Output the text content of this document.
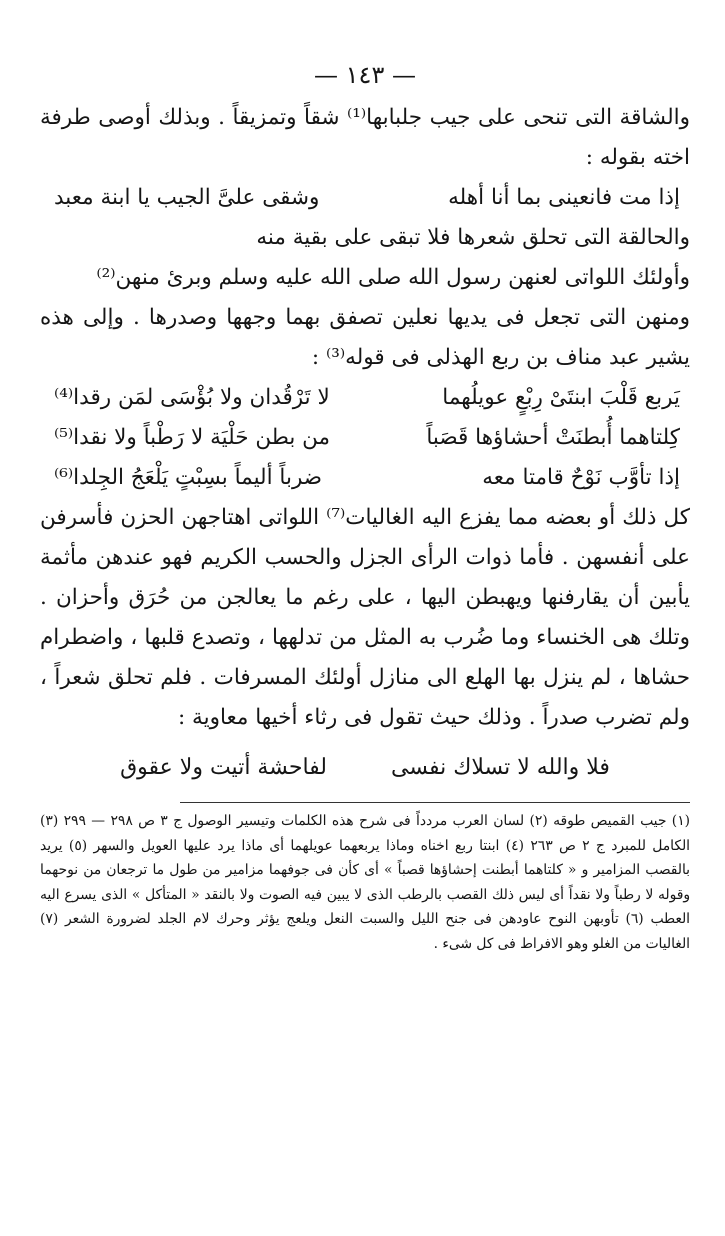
— ١٤٣ —
والشاقة التى تنحى على جيب جلبابها⁽¹⁾ شقاً وتمزيقاً . وبذلك أوصى طرفة اخته بقوله :
إذا مت فانعينى بما أنا أهله
وشقى علىَّ الجيب يا ابنة معبد
والحالقة التى تحلق شعرها فلا تبقى على بقية منه
وأولئك اللواتى لعنهن رسول الله صلى الله عليه وسلم وبرئ منهن⁽²⁾
ومنهن التى تجعل فى يديها نعلين تصفق بهما وجهها وصدرها . وإلى هذه يشير عبد مناف بن ربع الهذلى فى قوله⁽³⁾ :
يَربع قَلْبَ ابنتَىْ رِبْعٍ عويلُهما
لا تَرْقُدان ولا بُؤْسَى لمَن رقدا⁽⁴⁾
كِلتاهما أُبطنَتْ أحشاؤها قَصَباً
من بطن حَلْيَة لا رَطْباً ولا نقدا⁽⁵⁾
إذا تأوَّب نَوْحٌ قامتا معه
ضرباً أليماً بسِبْتٍ يَلْعَجُ الجِلدا⁽⁶⁾
كل ذلك أو بعضه مما يفزع اليه الغاليات⁽⁷⁾ اللواتى اهتاجهن الحزن فأسرفن على أنفسهن . فأما ذوات الرأى الجزل والحسب الكريم فهو عندهن مأثمة يأبين أن يقارفنها ويهبطن اليها ، على رغم ما يعالجن من حُرَق وأحزان . وتلك هى الخنساء وما ضُرب به المثل من تدلهها ، وتصدع قلبها ، واضطرام حشاها ، لم ينزل بها الهلع الى منازل أولئك المسرفات . فلم تحلق شعراً ، ولم تضرب صدراً . وذلك حيث تقول فى رثاء أخيها معاوية :
فلا والله لا تسلاك نفسى
لفاحشة أتيت ولا عقوق
(١) جيب القميص طوقه (٢) لسان العرب مردداً فى شرح هذه الكلمات وتيسير الوصول ج ٣ ص ٢٩٨ — ٢٩٩ (٣) الكامل للمبرد ج ٢ ص ٢٦٣ (٤) ابنتا ربع اخناه وماذا يربعهما عويلهما أى ماذا يرد عليها العويل والسهر (٥) يريد بالقصب المزامير و « كلتاهما أبطنت إحشاؤها قصباً » أى كأن فى جوفهما مزامير من طول ما ترجعان من نوحهما وقوله لا رطباً ولا نقداً أى ليس ذلك القصب بالرطب الذى لا يبين فيه الصوت ولا بالنقد « المتأكل » الذى يسرع اليه العطب (٦) تأوبهن النوح عاودهن فى جنح الليل والسبت النعل ويلعج يؤثر وحرك لام الجلد لضرورة الشعر (٧) الغاليات من الغلو وهو الافراط فى كل شىء .
